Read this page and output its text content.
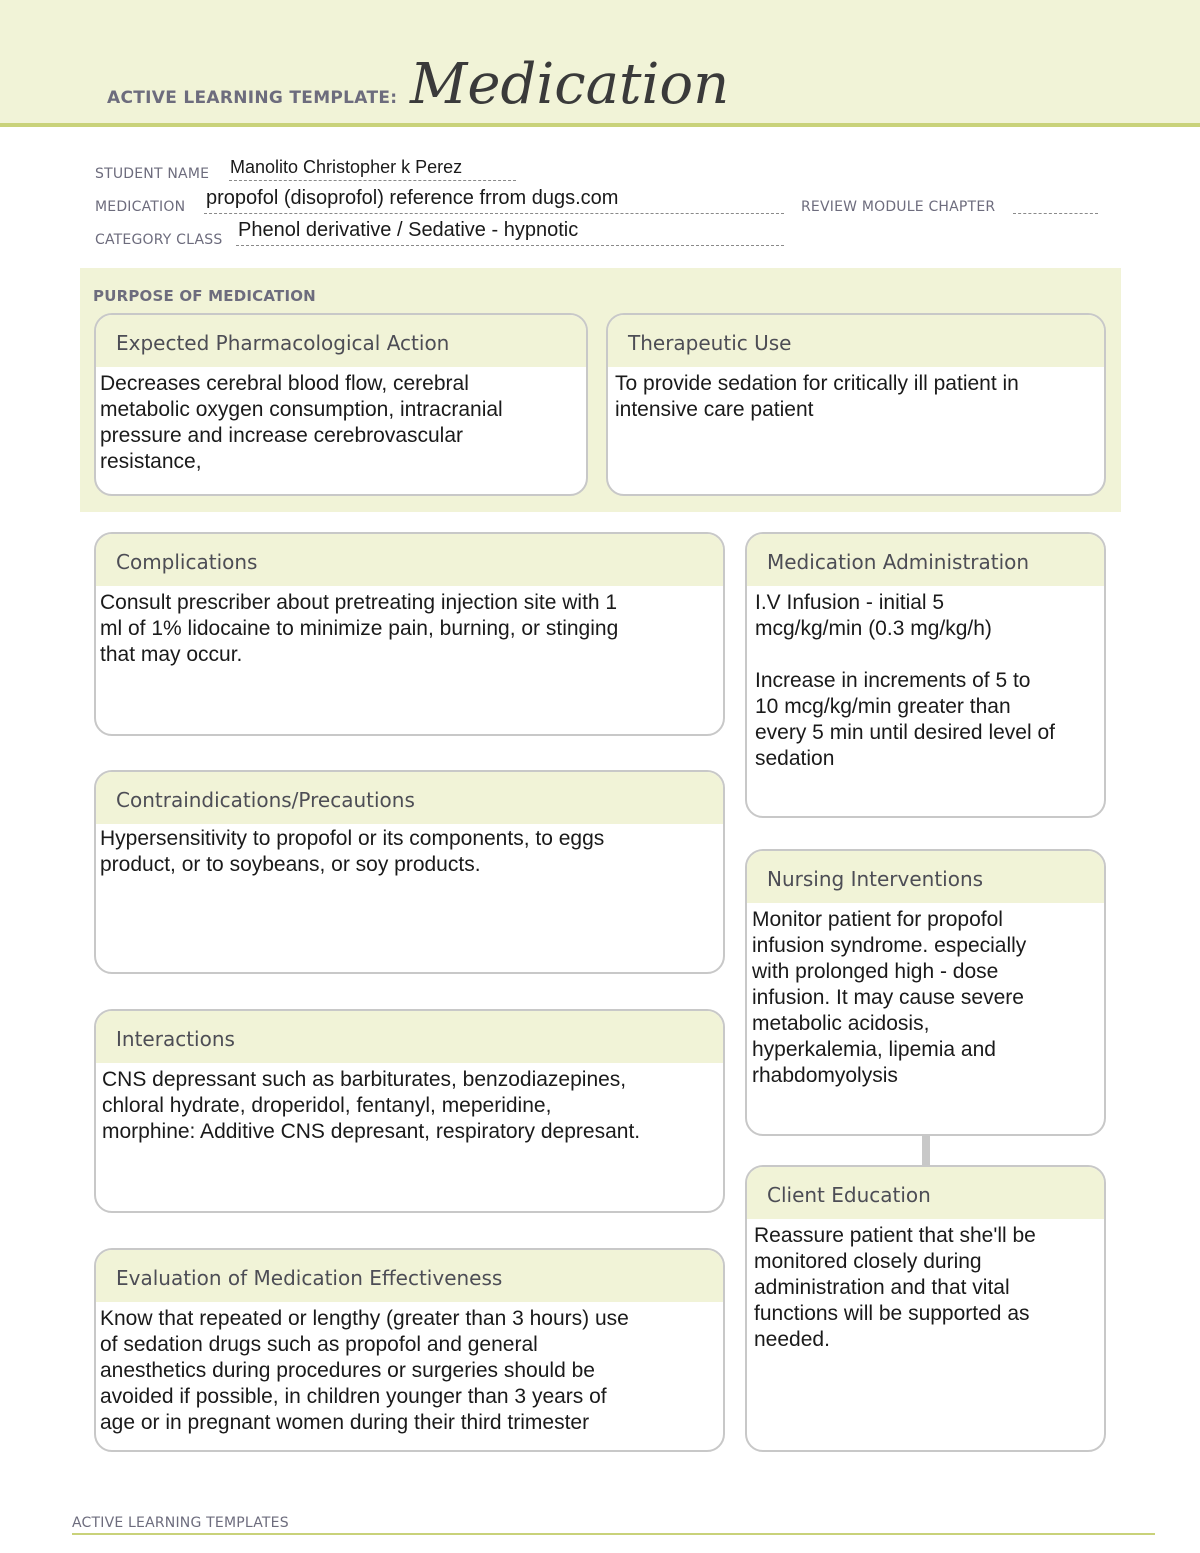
ACTIVE LEARNING TEMPLATE: Medication
STUDENT NAME Manolito Christopher k Perez
MEDICATION propofol (disoprofol) reference frrom dugs.com	REVIEW MODULE CHAPTER
CATEGORY CLASS Phenol derivative / Sedative - hypnotic
PURPOSE OF MEDICATION
Expected Pharmacological Action
Decreases cerebral blood flow, cerebral
metabolic oxygen consumption, intracranial
pressure and increase cerebrovascular
resistance,
Therapeutic Use
To provide sedation for critically ill patient in
intensive care patient
Complications
Consult prescriber about pretreating injection site with 1
ml of 1% lidocaine to minimize pain, burning, or stinging
that may occur.
Contraindications/Precautions
Hypersensitivity to propofol or its components, to eggs
product, or to soybeans, or soy products.
Interactions
CNS depressant such as barbiturates, benzodiazepines,
chloral hydrate, droperidol, fentanyl, meperidine,
morphine: Additive CNS depresant, respiratory depresant.
Evaluation of Medication Effectiveness
Know that repeated or lengthy (greater than 3 hours) use
of sedation drugs such as propofol and general
anesthetics during procedures or surgeries should be
avoided if possible, in children younger than 3 years of
age or in pregnant women during their third trimester
Medication Administration
I.V Infusion - initial 5
mcg/kg/min (0.3 mg/kg/h)

Increase in increments of 5 to
10 mcg/kg/min greater than
every 5 min until desired level of
sedation
Nursing Interventions
Monitor patient for propofol
infusion syndrome. especially
with prolonged high - dose
infusion. It may cause severe
metabolic acidosis,
hyperkalemia, lipemia and
rhabdomyolysis
Client Education
Reassure patient that she'll be
monitored closely during
administration and that vital
functions will be supported as
needed.
ACTIVE LEARNING TEMPLATES
